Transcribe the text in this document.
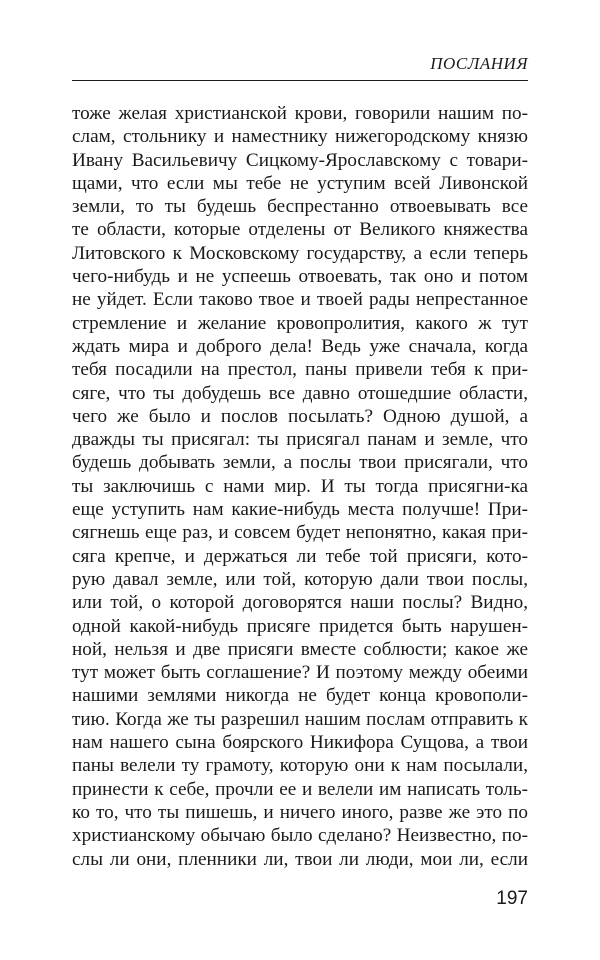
ПОСЛАНИЯ
тоже желая христианской крови, говорили нашим по-
слам, стольнику и наместнику нижегородскому князю
Ивану Васильевичу Сицкому-Ярославскому с товари-
щами, что если мы тебе не уступим всей Ливонской
земли, то ты будешь беспрестанно отвоевывать все
те области, которые отделены от Великого княжества
Литовского к Московскому государству, а если теперь
чего-нибудь и не успеешь отвоевать, так оно и потом
не уйдет. Если таково твое и твоей рады непрестанное
стремление и желание кровопролития, какого ж тут
ждать мира и доброго дела! Ведь уже сначала, когда
тебя посадили на престол, паны привели тебя к при-
сяге, что ты добудешь все давно отошедшие области,
чего же было и послов посылать? Одною душой, а
дважды ты присягал: ты присягал панам и земле, что
будешь добывать земли, а послы твои присягали, что
ты заключишь с нами мир. И ты тогда присягни-ка
еще уступить нам какие-нибудь места получше! При-
сягнешь еще раз, и совсем будет непонятно, какая при-
сяга крепче, и держаться ли тебе той присяги, кото-
рую давал земле, или той, которую дали твои послы,
или той, о которой договорятся наши послы? Видно,
одной какой-нибудь присяге придется быть нарушен-
ной, нельзя и две присяги вместе соблюсти; какое же
тут может быть соглашение? И поэтому между обеими
нашими землями никогда не будет конца кровополи-
тию. Когда же ты разрешил нашим послам отправить к
нам нашего сына боярского Никифора Сущова, а твои
паны велели ту грамоту, которую они к нам посылали,
принести к себе, прочли ее и велели им написать толь-
ко то, что ты пишешь, и ничего иного, разве же это по
христианскому обычаю было сделано? Неизвестно, по-
слы ли они, пленники ли, твои ли люди, мои ли, если
197
